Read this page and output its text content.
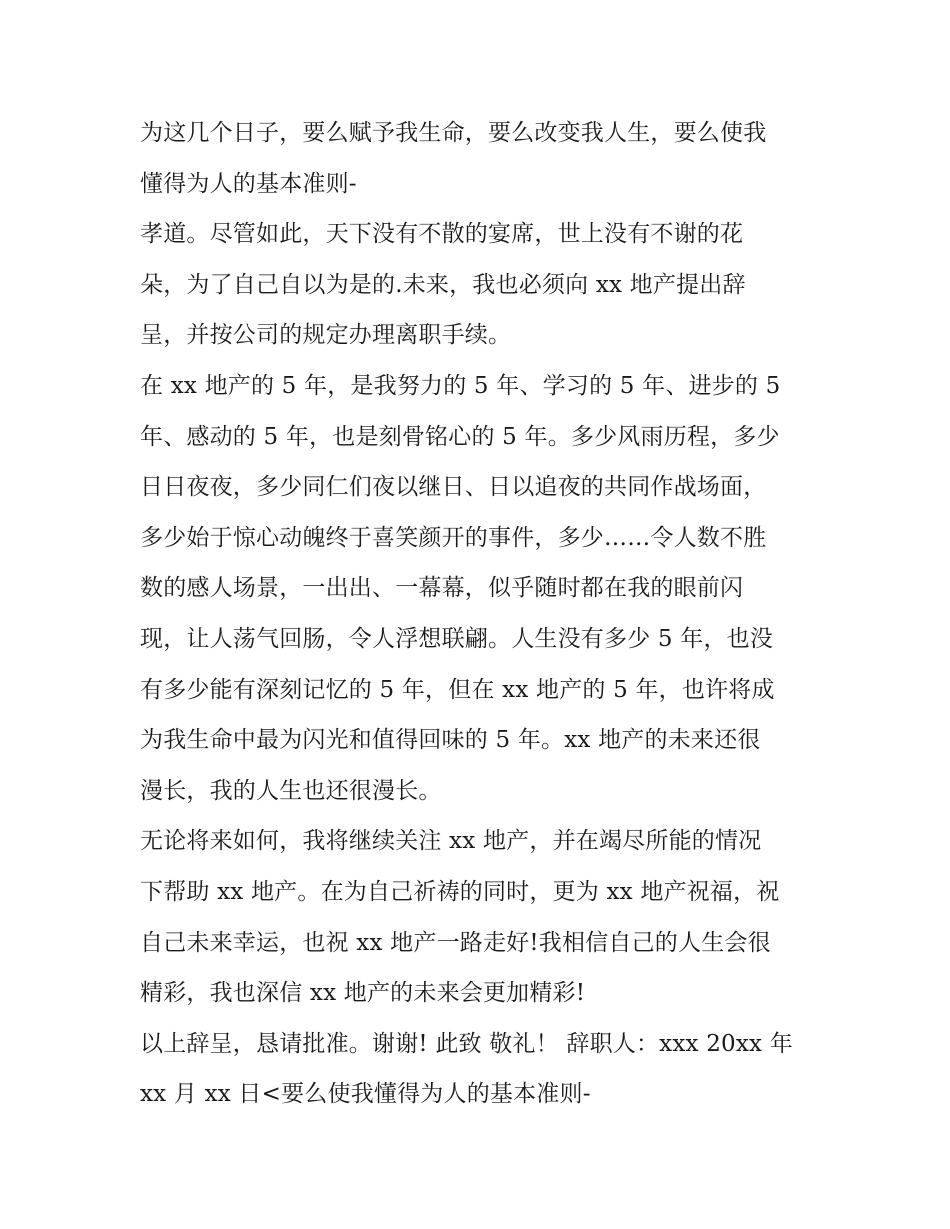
为这几个日子，要么赋予我生命，要么改变我人生，要么使我
懂得为人的基本准则-
孝道。尽管如此，天下没有不散的宴席，世上没有不谢的花
朵，为了自己自以为是的.未来，我也必须向 xx 地产提出辞
呈，并按公司的规定办理离职手续。
在 xx 地产的 5 年，是我努力的 5 年、学习的 5 年、进步的 5
年、感动的 5 年，也是刻骨铭心的 5 年。多少风雨历程，多少
日日夜夜，多少同仁们夜以继日、日以追夜的共同作战场面，
多少始于惊心动魄终于喜笑颜开的事件，多少……令人数不胜
数的感人场景，一出出、一幕幕，似乎随时都在我的眼前闪
现，让人荡气回肠，令人浮想联翩。人生没有多少 5 年，也没
有多少能有深刻记忆的 5 年，但在 xx 地产的 5 年，也许将成
为我生命中最为闪光和值得回味的 5 年。xx 地产的未来还很
漫长，我的人生也还很漫长。
无论将来如何，我将继续关注 xx 地产，并在竭尽所能的情况
下帮助 xx 地产。在为自己祈祷的同时，更为 xx 地产祝福，祝
自己未来幸运，也祝 xx 地产一路走好!我相信自己的人生会很
精彩，我也深信 xx 地产的未来会更加精彩!
以上辞呈，恳请批准。谢谢! 此致 敬礼！ 辞职人：xxx 20xx 年
xx 月 xx 日<要么使我懂得为人的基本准则-
